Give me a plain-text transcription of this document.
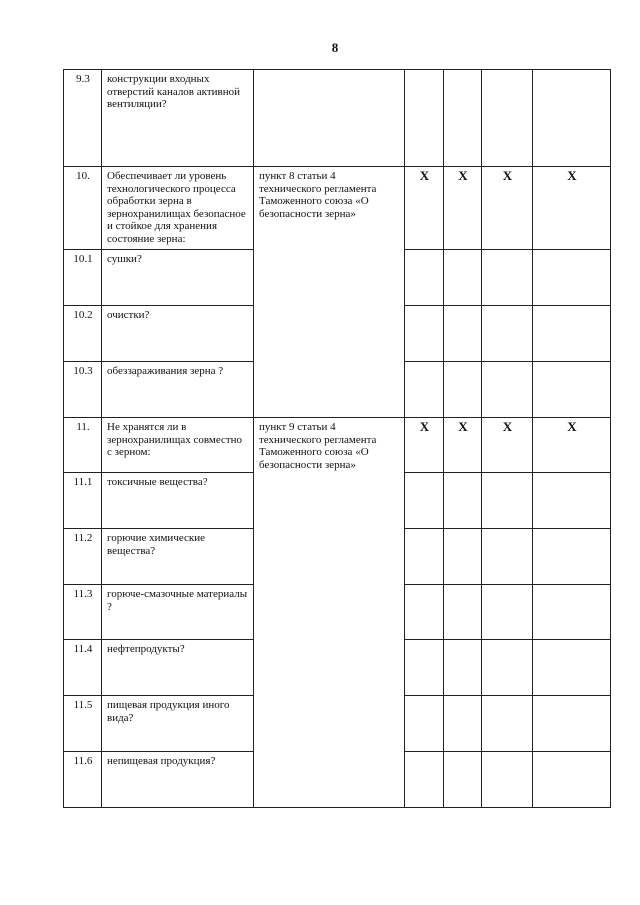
8
9.3	конструкции входных отверстий каналов активной вентиляции?					
10.	Обеспечивает ли уровень технологического процесса обработки зерна в зернохранилищах безопасное и стойкое для хранения состояние зерна:	пункт 8 статьи 4 технического регламента Таможенного союза «О безопасности зерна»	X	X	X	X
10.1	сушки?					
10.2	очистки?					
10.3	обеззараживания зерна ?					
11.	Не хранятся ли в зернохранилищах совместно с зерном:	пункт 9 статьи 4 технического регламента Таможенного союза «О безопасности зерна»	X	X	X	X
11.1	токсичные вещества?					
11.2	горючие химические вещества?					
11.3	горюче-смазочные материалы ?					
11.4	нефтепродукты?					
11.5	пищевая продукция иного вида?					
11.6	непищевая продукция?					
